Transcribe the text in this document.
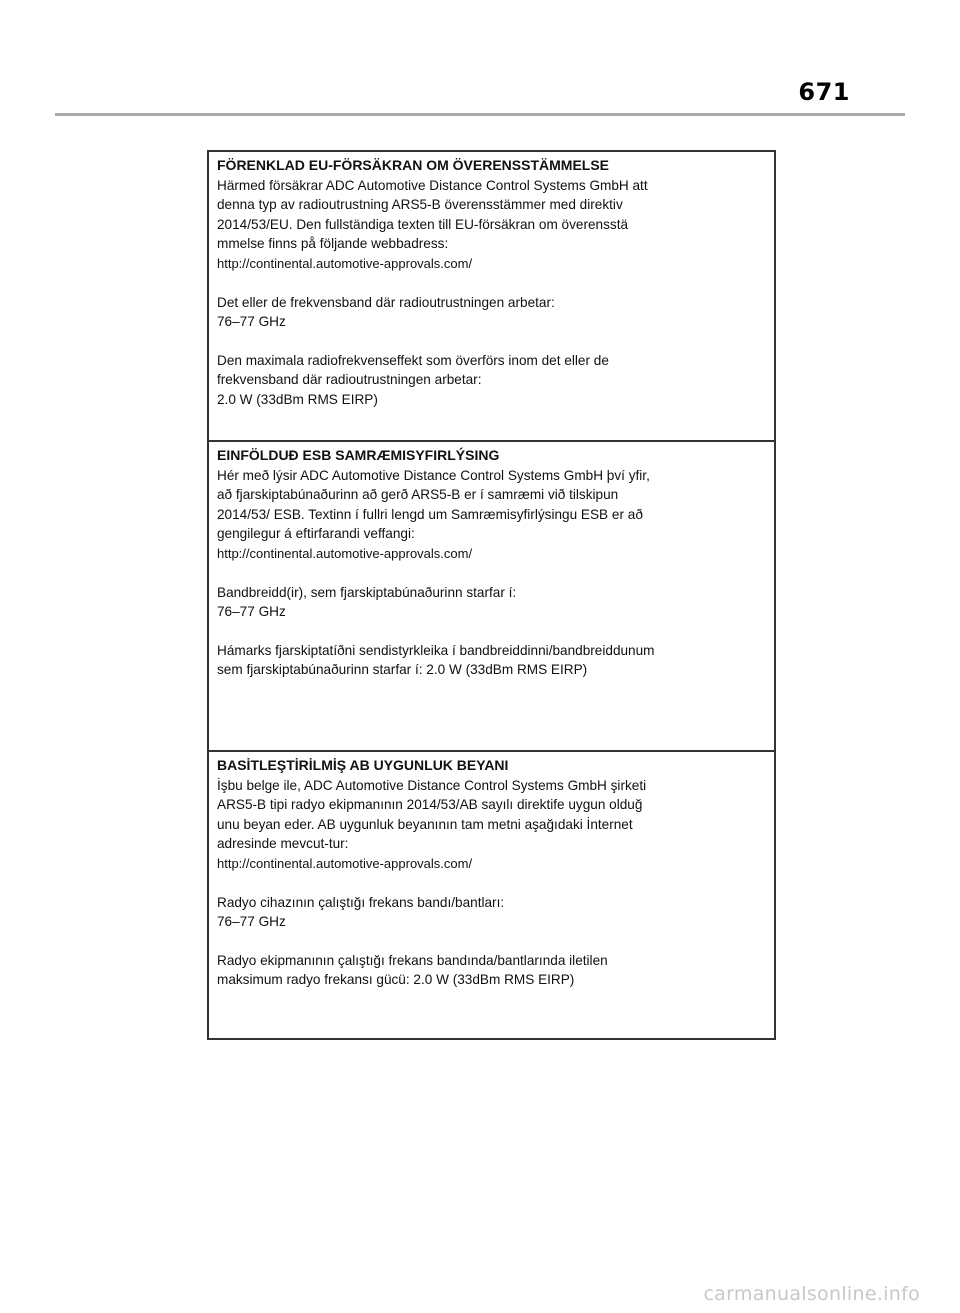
671

FÖRENKLAD EU-FÖRSÄKRAN OM ÖVERENSSTÄMMELSE

Härmed försäkrar ADC Automotive Distance Control Systems GmbH att

denna typ av radioutrustning ARS5-B överensstämmer med direktiv

2014/53/EU. Den fullständiga texten till EU-försäkran om överensstä

mmelse finns på följande webbadress:

http://continental.automotive-approvals.com/

Det eller de frekvensband där radioutrustningen arbetar:

76–77 GHz

Den maximala radiofrekvenseffekt som överförs inom det eller de

frekvensband där radioutrustningen arbetar:

2.0 W (33dBm RMS EIRP)

EINFÖLDUÐ ESB SAMRÆMISYFIRLÝSING

Hér með lýsir ADC Automotive Distance Control Systems GmbH því yfir,

að fjarskiptabúnaðurinn að gerð ARS5-B er í samræmi við tilskipun

2014/53/ ESB. Textinn í fullri lengd um Samræmisyfirlýsingu ESB er að

gengilegur á eftirfarandi veffangi:

http://continental.automotive-approvals.com/

Bandbreidd(ir), sem fjarskiptabúnaðurinn starfar í:

76–77 GHz

Hámarks fjarskiptatíðni sendistyrkleika í bandbreiddinni/bandbreiddunum

sem fjarskiptabúnaðurinn starfar í: 2.0 W (33dBm RMS EIRP)

BASİTLEŞTİRİLMİŞ AB UYGUNLUK BEYANI

İşbu belge ile, ADC Automotive Distance Control Systems GmbH şirketi

ARS5-B tipi radyo ekipmanının 2014/53/AB sayılı direktife uygun olduğ

unu beyan eder. AB uygunluk beyanının tam metni aşağıdaki İnternet

adresinde mevcut-tur:

http://continental.automotive-approvals.com/

Radyo cihazının çalıştığı frekans bandı/bantları:

76–77 GHz

Radyo ekipmanının çalıştığı frekans bandında/bantlarında iletilen

maksimum radyo frekansı gücü: 2.0 W (33dBm RMS EIRP)

carmanualsonline.info
